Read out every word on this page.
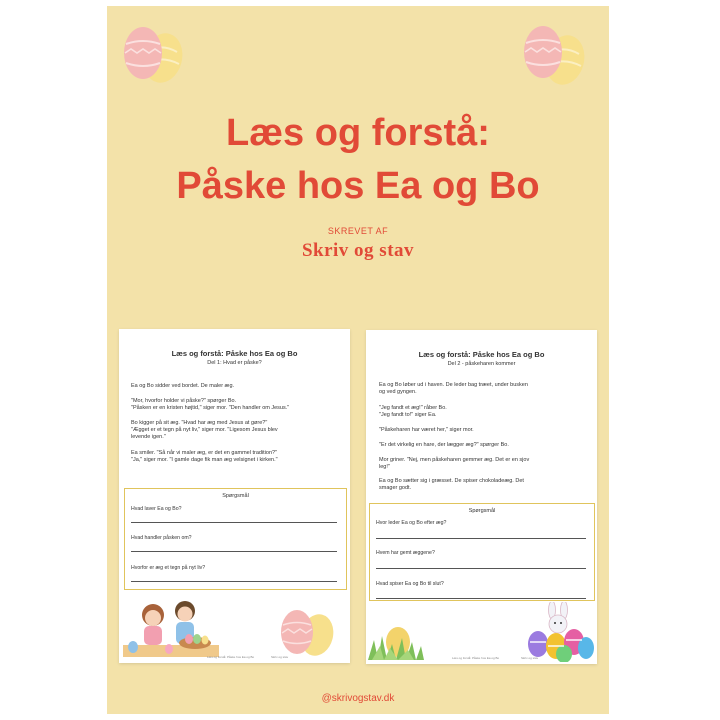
Læs og forstå:
Påske hos Ea og Bo
SKREVET AF
Skriv og stav
Læs og forstå: Påske hos Ea og Bo
Del 1: Hvad er påske?
Ea og Bo sidder ved bordet. De maler æg.
"Mor, hvorfor holder vi påske?" spørger Bo.
"Påsken er en kristen højtid," siger mor. "Den handler om Jesus."
Bo kigger på sit æg. "Hvad har æg med Jesus at gøre?"
"Ægget er et tegn på nyt liv," siger mor. "Ligesom Jesus blev
levende igen."
Ea smiler. "Så når vi maler æg, er det en gammel tradition?"
"Ja," siger mor. "I gamle dage fik man æg velsignet i kirken."
Spørgsmål
Hvad laver Ea og Bo?
Hvad handler påsken om?
Hvorfor er æg et tegn på nyt liv?
Læs og forstå: Påske hos Ea og Bo	Skriv og stav
Læs og forstå: Påske hos Ea og Bo
Del 2 - påskeharen kommer
Ea og Bo løber ud i haven. De leder bag træet, under busken
og ved gyngen.
"Jeg fandt et æg!" råber Bo.
"Jeg fandt to!" siger Ea.
"Påskeharen har været her," siger mor.
"Er det virkelig en hare, der lægger æg?" spørger Bo.
Mor griner. "Nej, men påskeharen gemmer æg. Det er en sjov
leg!"
Ea og Bo sætter sig i græsset. De spiser chokoladeæg. Det
smager godt.
Spørgsmål
Hvor leder Ea og Bo efter æg?
Hvem har gemt æggene?
Hvad spiser Ea og Bo til slut?
Læs og forstå: Påske hos Ea og Bo	Skriv og stav
@skrivogstav.dk
